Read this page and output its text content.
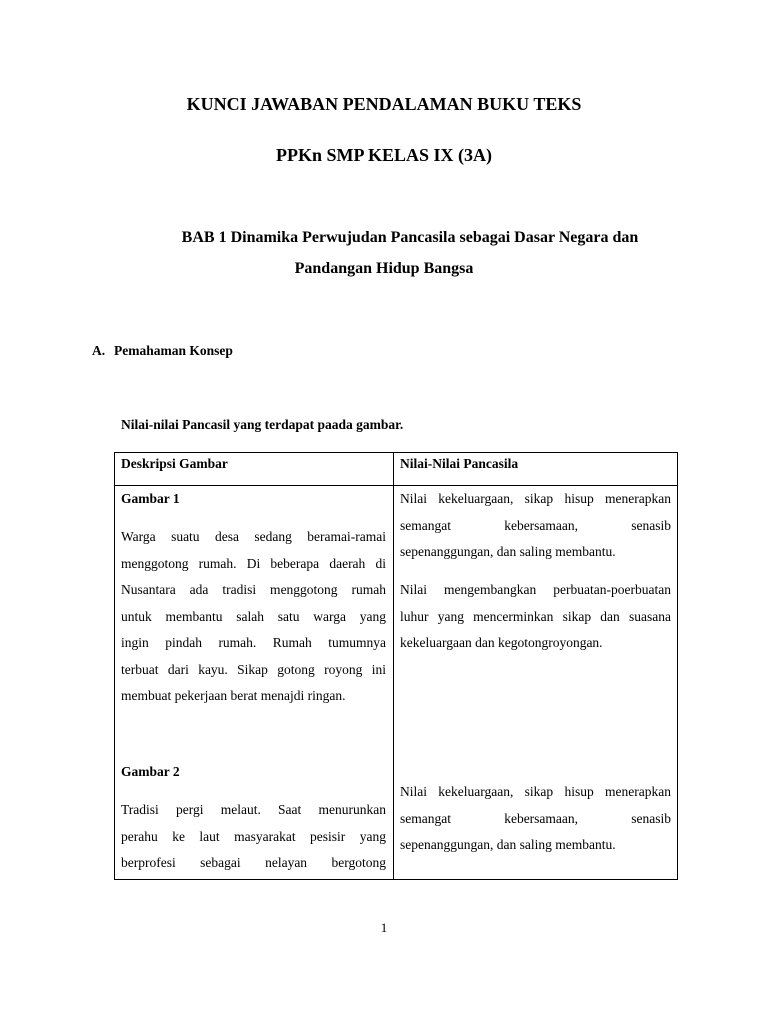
KUNCI JAWABAN PENDALAMAN BUKU TEKS
PPKn SMP KELAS IX (3A)
BAB 1 Dinamika Perwujudan Pancasila sebagai Dasar Negara dan
Pandangan Hidup Bangsa
A. Pemahaman Konsep
Nilai-nilai Pancasil yang terdapat paada gambar.
Deskripsi Gambar	Nilai-Nilai Pancasila
Gambar 1
Warga suatu desa sedang beramai-ramai
menggotong rumah. Di beberapa daerah di
Nusantara ada tradisi menggotong rumah
untuk membantu salah satu warga yang
ingin pindah rumah. Rumah tumumnya
terbuat dari kayu. Sikap gotong royong ini
membuat pekerjaan berat menajdi ringan.
Nilai kekeluargaan, sikap hisup menerapkan
semangat kebersamaan, senasib
sepenanggungan, dan saling membantu.
Nilai mengembangkan perbuatan-poerbuatan
luhur yang mencerminkan sikap dan suasana
kekeluargaan dan kegotongroyongan.
Gambar 2
Tradisi pergi melaut. Saat menurunkan
perahu ke laut masyarakat pesisir yang
berprofesi sebagai nelayan bergotong
Nilai kekeluargaan, sikap hisup menerapkan
semangat kebersamaan, senasib
sepenanggungan, dan saling membantu.
1
